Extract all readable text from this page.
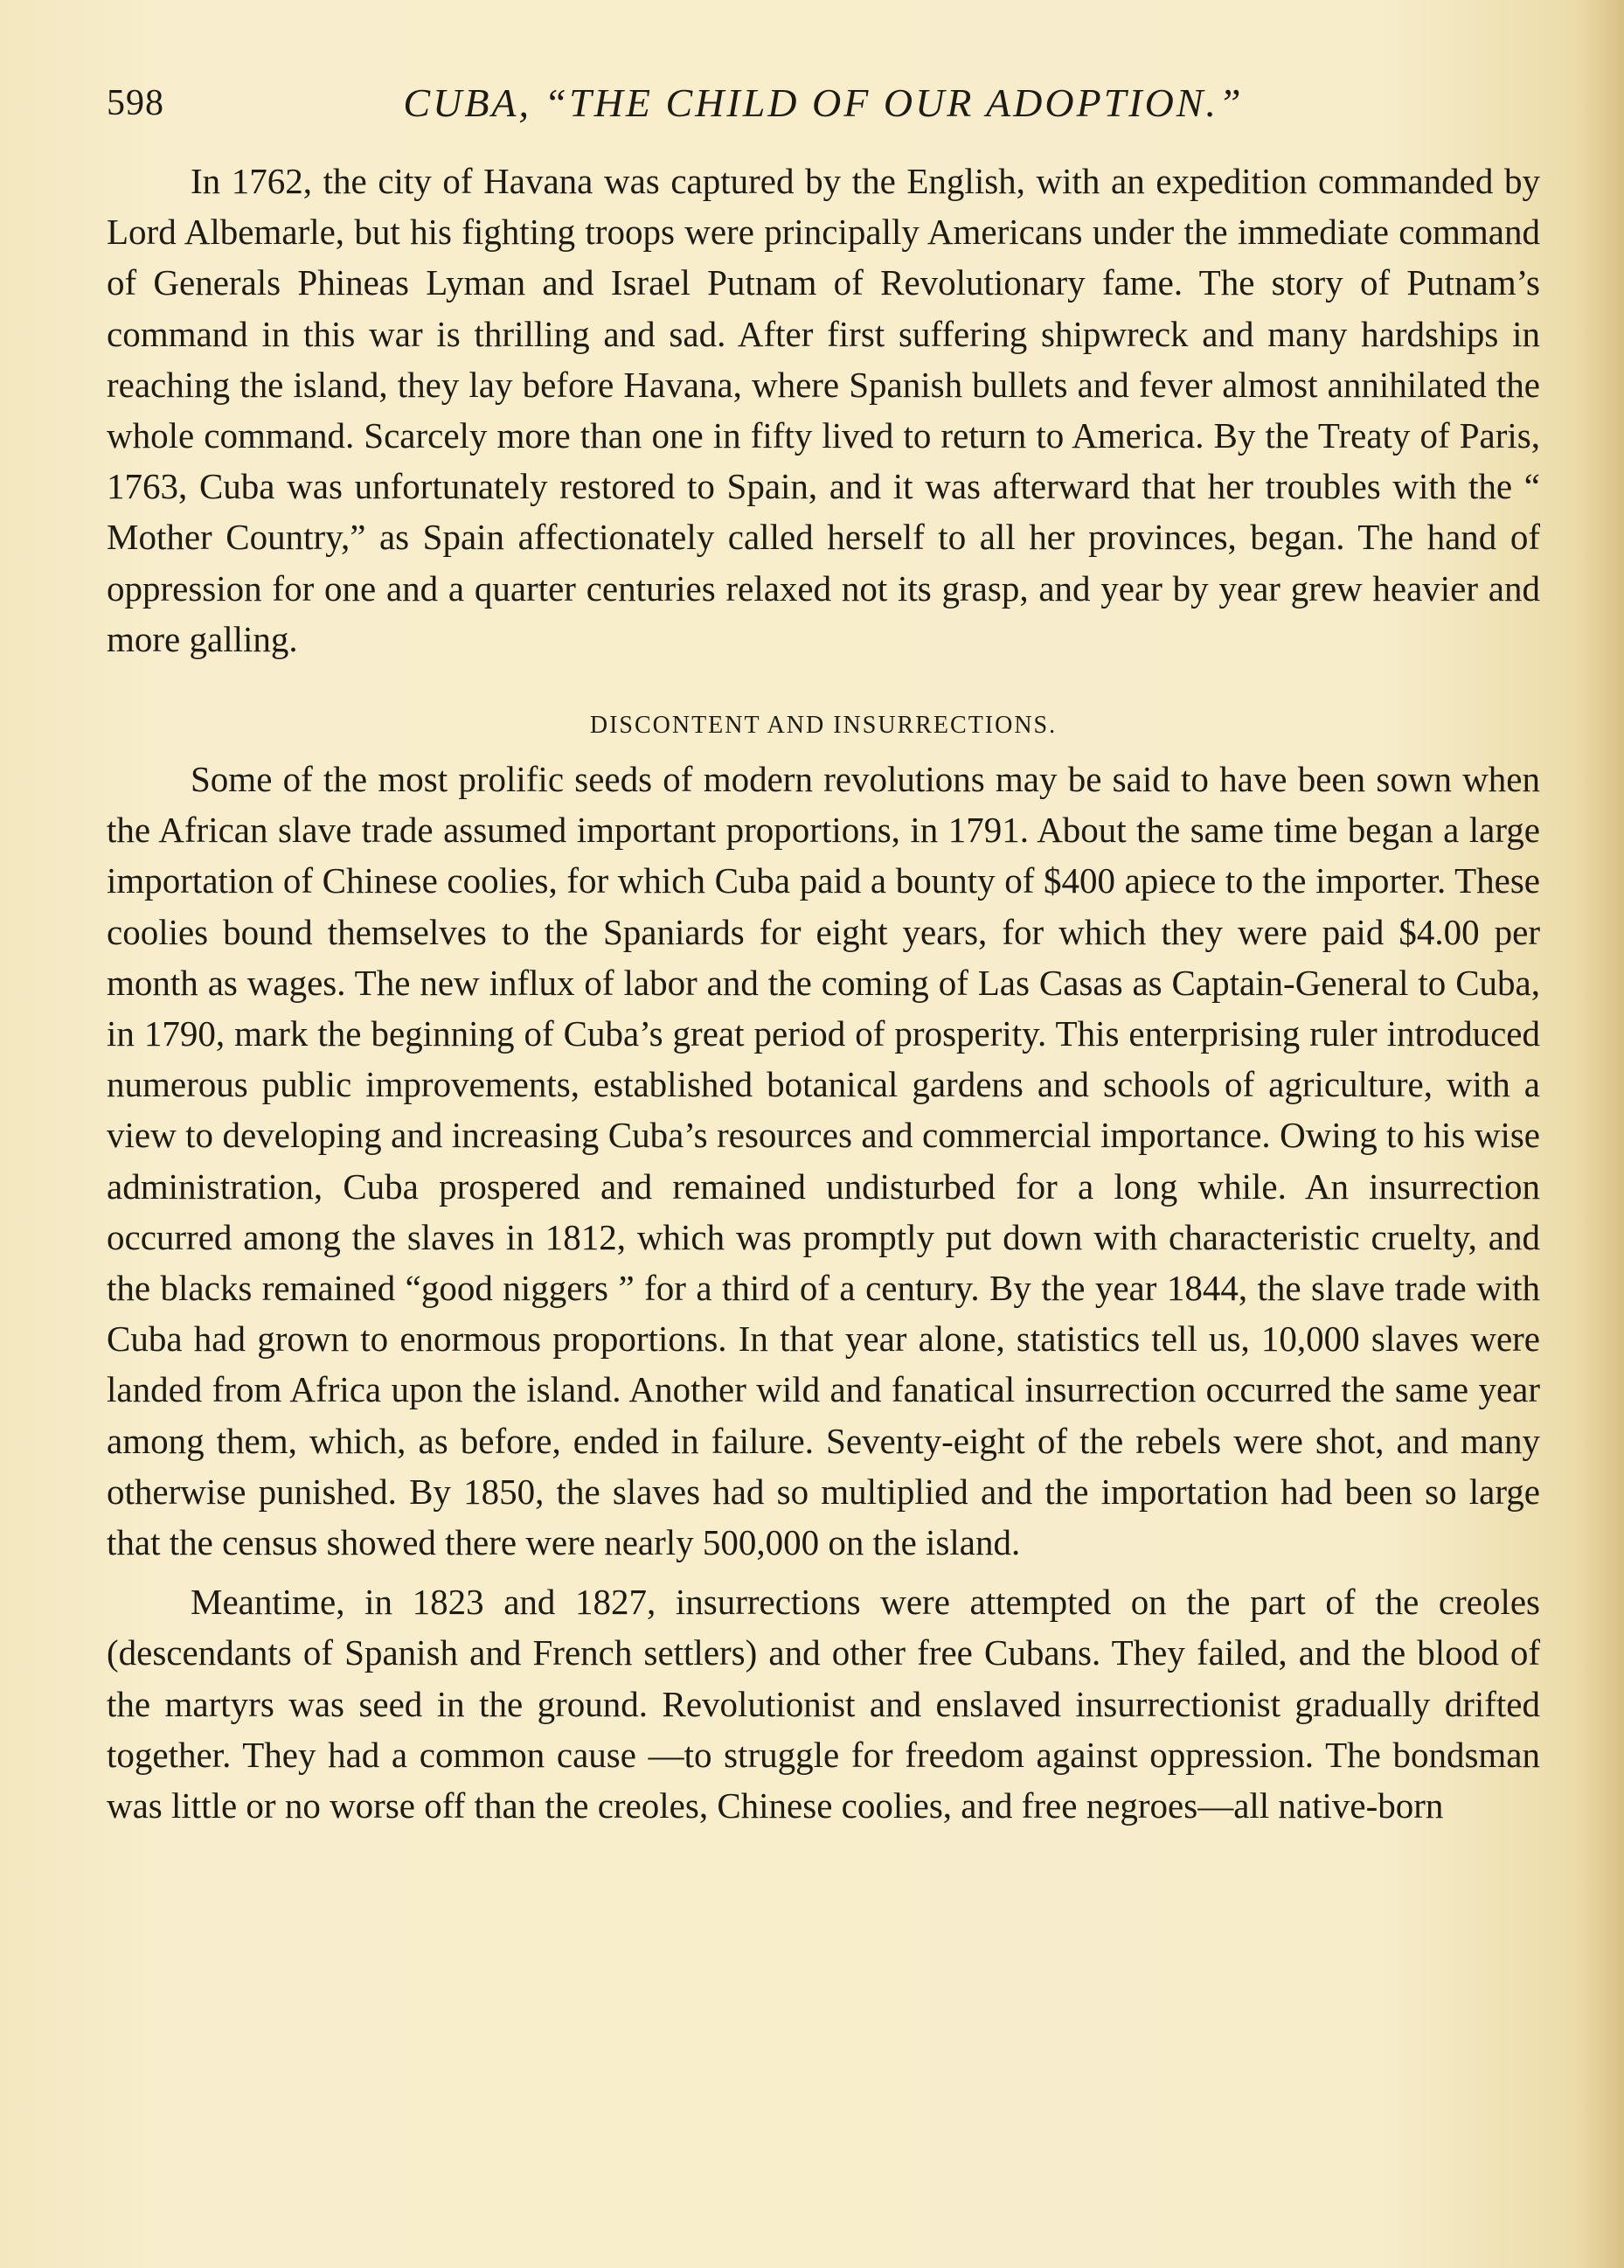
598	CUBA, “THE CHILD OF OUR ADOPTION.”

In 1762, the city of Havana was captured by the English, with an expedition commanded by Lord Albemarle, but his fighting troops were principally Americans under the immediate command of Generals Phineas Lyman and Israel Putnam of Revolutionary fame. The story of Putnam’s command in this war is thrilling and sad. After first suffering shipwreck and many hardships in reaching the island, they lay before Havana, where Spanish bullets and fever almost annihilated the whole command. Scarcely more than one in fifty lived to return to America. By the Treaty of Paris, 1763, Cuba was unfortunately restored to Spain, and it was afterward that her troubles with the “ Mother Country,” as Spain affectionately called herself to all her provinces, began. The hand of oppression for one and a quarter centuries relaxed not its grasp, and year by year grew heavier and more galling.

DISCONTENT AND INSURRECTIONS.

Some of the most prolific seeds of modern revolutions may be said to have been sown when the African slave trade assumed important proportions, in 1791. About the same time began a large importation of Chinese coolies, for which Cuba paid a bounty of $400 apiece to the importer. These coolies bound themselves to the Spaniards for eight years, for which they were paid $4.00 per month as wages. The new influx of labor and the coming of Las Casas as Captain-General to Cuba, in 1790, mark the beginning of Cuba’s great period of prosperity. This enterprising ruler introduced numerous public improvements, established botanical gardens and schools of agriculture, with a view to developing and increasing Cuba’s resources and commercial importance. Owing to his wise administration, Cuba prospered and remained undisturbed for a long while. An insurrection occurred among the slaves in 1812, which was promptly put down with characteristic cruelty, and the blacks remained “good niggers ” for a third of a century. By the year 1844, the slave trade with Cuba had grown to enormous proportions. In that year alone, statistics tell us, 10,000 slaves were landed from Africa upon the island. Another wild and fanatical insurrection occurred the same year among them, which, as before, ended in failure. Seventy-eight of the rebels were shot, and many otherwise punished. By 1850, the slaves had so multiplied and the importation had been so large that the census showed there were nearly 500,000 on the island.

Meantime, in 1823 and 1827, insurrections were attempted on the part of the creoles (descendants of Spanish and French settlers) and other free Cubans. They failed, and the blood of the martyrs was seed in the ground. Revolutionist and enslaved insurrectionist gradually drifted together. They had a common cause —to struggle for freedom against oppression. The bondsman was little or no worse off than the creoles, Chinese coolies, and free negroes—all native-born
